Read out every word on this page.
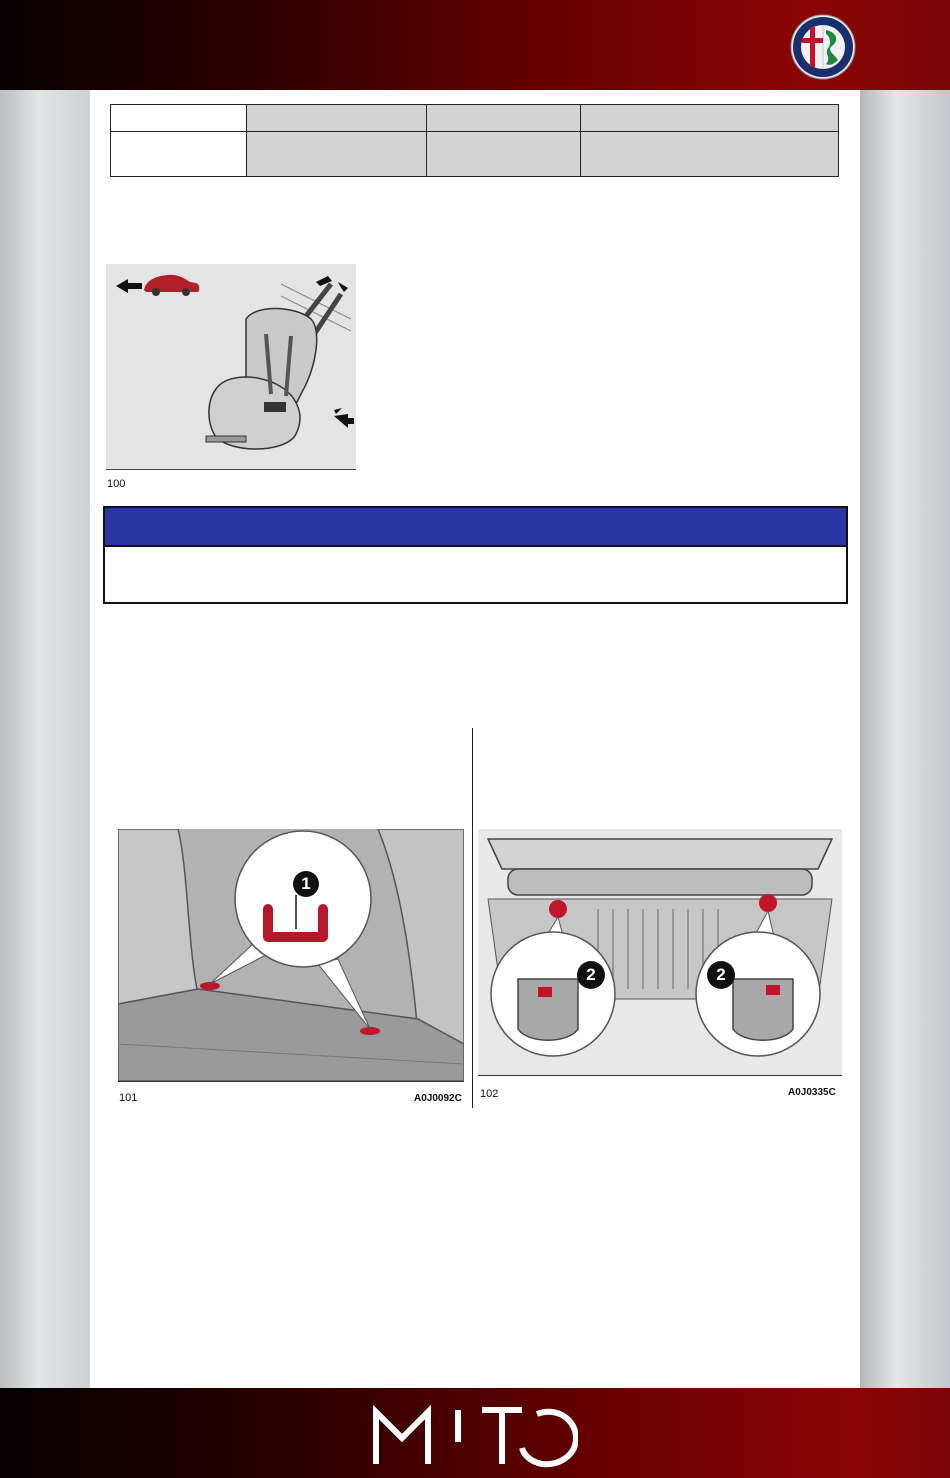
100
1
101	A0J0092C
2	2
102	A0J0335C
